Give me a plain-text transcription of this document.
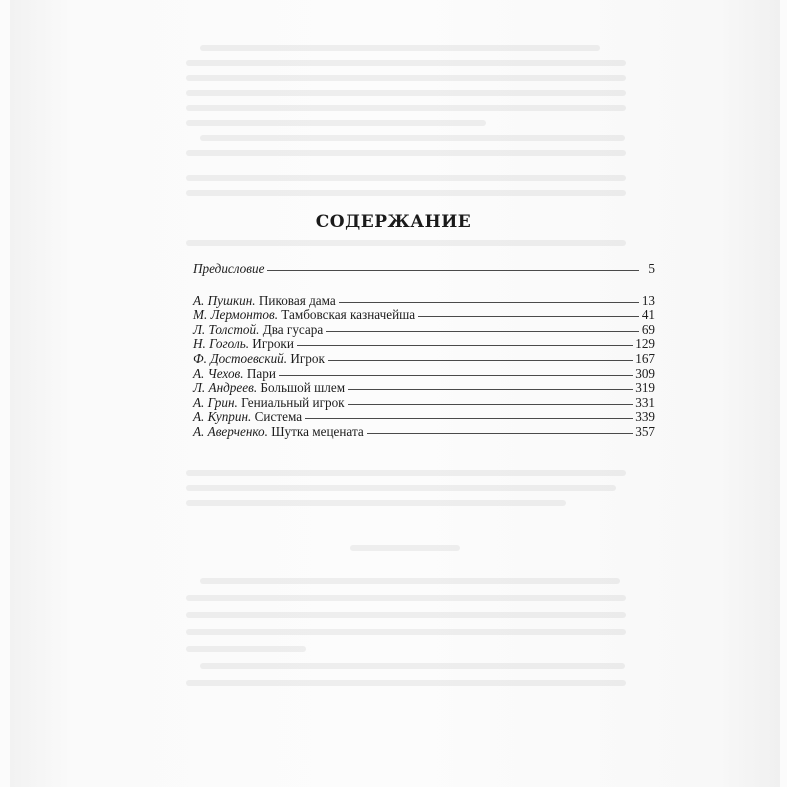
СОДЕРЖАНИЕ
Предисловие	5
А. Пушкин. Пиковая дама	13
М. Лермонтов. Тамбовская казначейша	41
Л. Толстой. Два гусара	69
Н. Гоголь. Игроки	129
Ф. Достоевский. Игрок	167
А. Чехов. Пари	309
Л. Андреев. Большой шлем	319
А. Грин. Гениальный игрок	331
А. Куприн. Система	339
А. Аверченко. Шутка мецената	357
